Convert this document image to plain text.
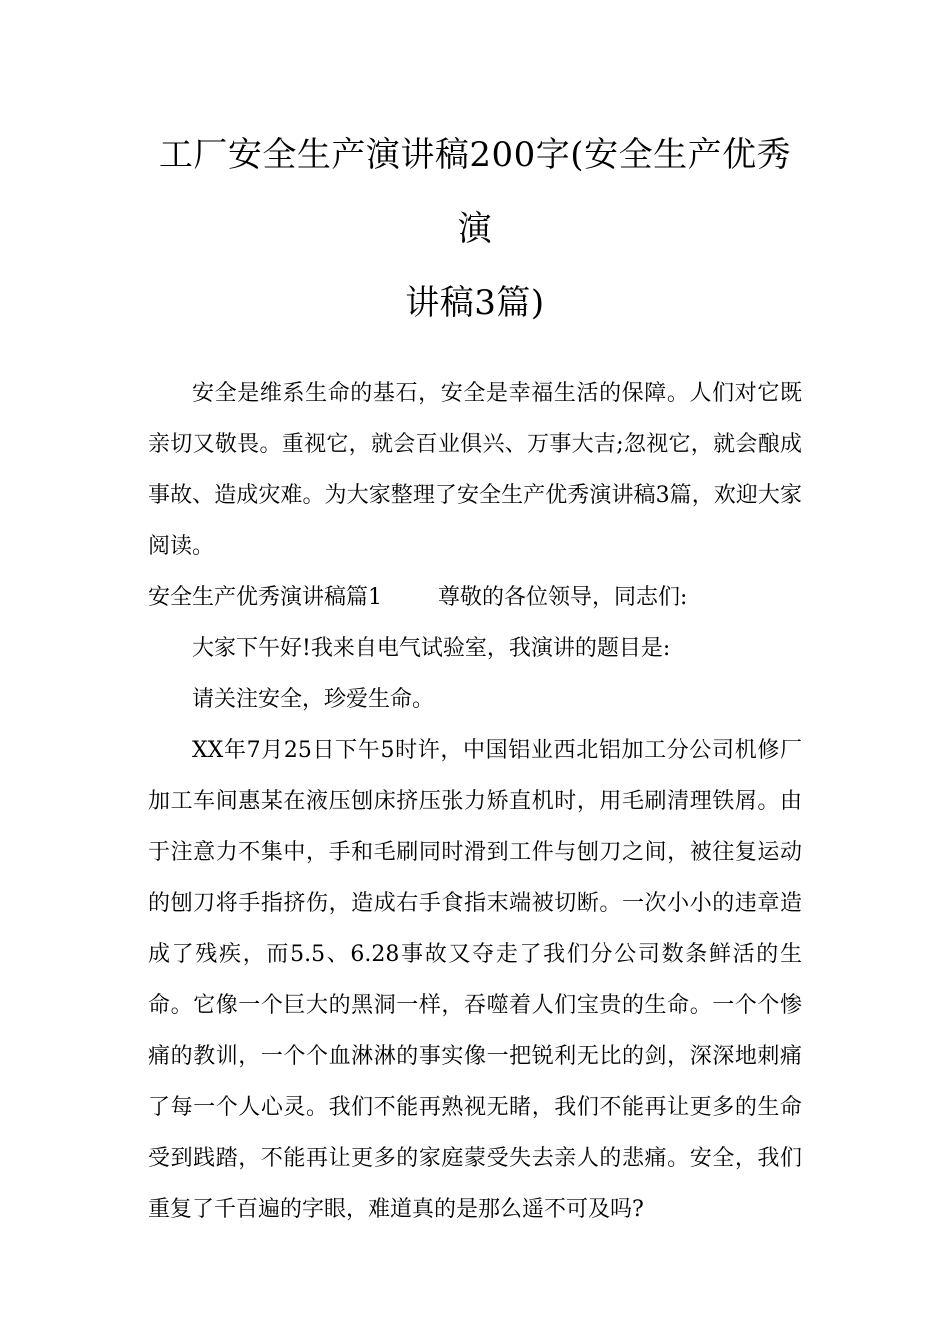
工厂安全生产演讲稿200字(安全生产优秀演
讲稿3篇)

安全是维系生命的基石，安全是幸福生活的保障。人们对它既亲切又敬畏。重视它，就会百业俱兴、万事大吉;忽视它，就会酿成事故、造成灾难。为大家整理了安全生产优秀演讲稿3篇，欢迎大家阅读。

安全生产优秀演讲稿篇1	尊敬的各位领导，同志们:

大家下午好!我来自电气试验室，我演讲的题目是:

请关注安全，珍爱生命。

XX年7月25日下午5时许，中国铝业西北铝加工分公司机修厂加工车间惠某在液压刨床挤压张力矫直机时，用毛刷清理铁屑。由于注意力不集中，手和毛刷同时滑到工件与刨刀之间，被往复运动的刨刀将手指挤伤，造成右手食指末端被切断。一次小小的违章造成了残疾，而5.5、6.28事故又夺走了我们分公司数条鲜活的生命。它像一个巨大的黑洞一样，吞噬着人们宝贵的生命。一个个惨痛的教训，一个个血淋淋的事实像一把锐利无比的剑，深深地刺痛了每一个人心灵。我们不能再熟视无睹，我们不能再让更多的生命受到践踏，不能再让更多的家庭蒙受失去亲人的悲痛。安全，我们重复了千百遍的字眼，难道真的是那么遥不可及吗?
